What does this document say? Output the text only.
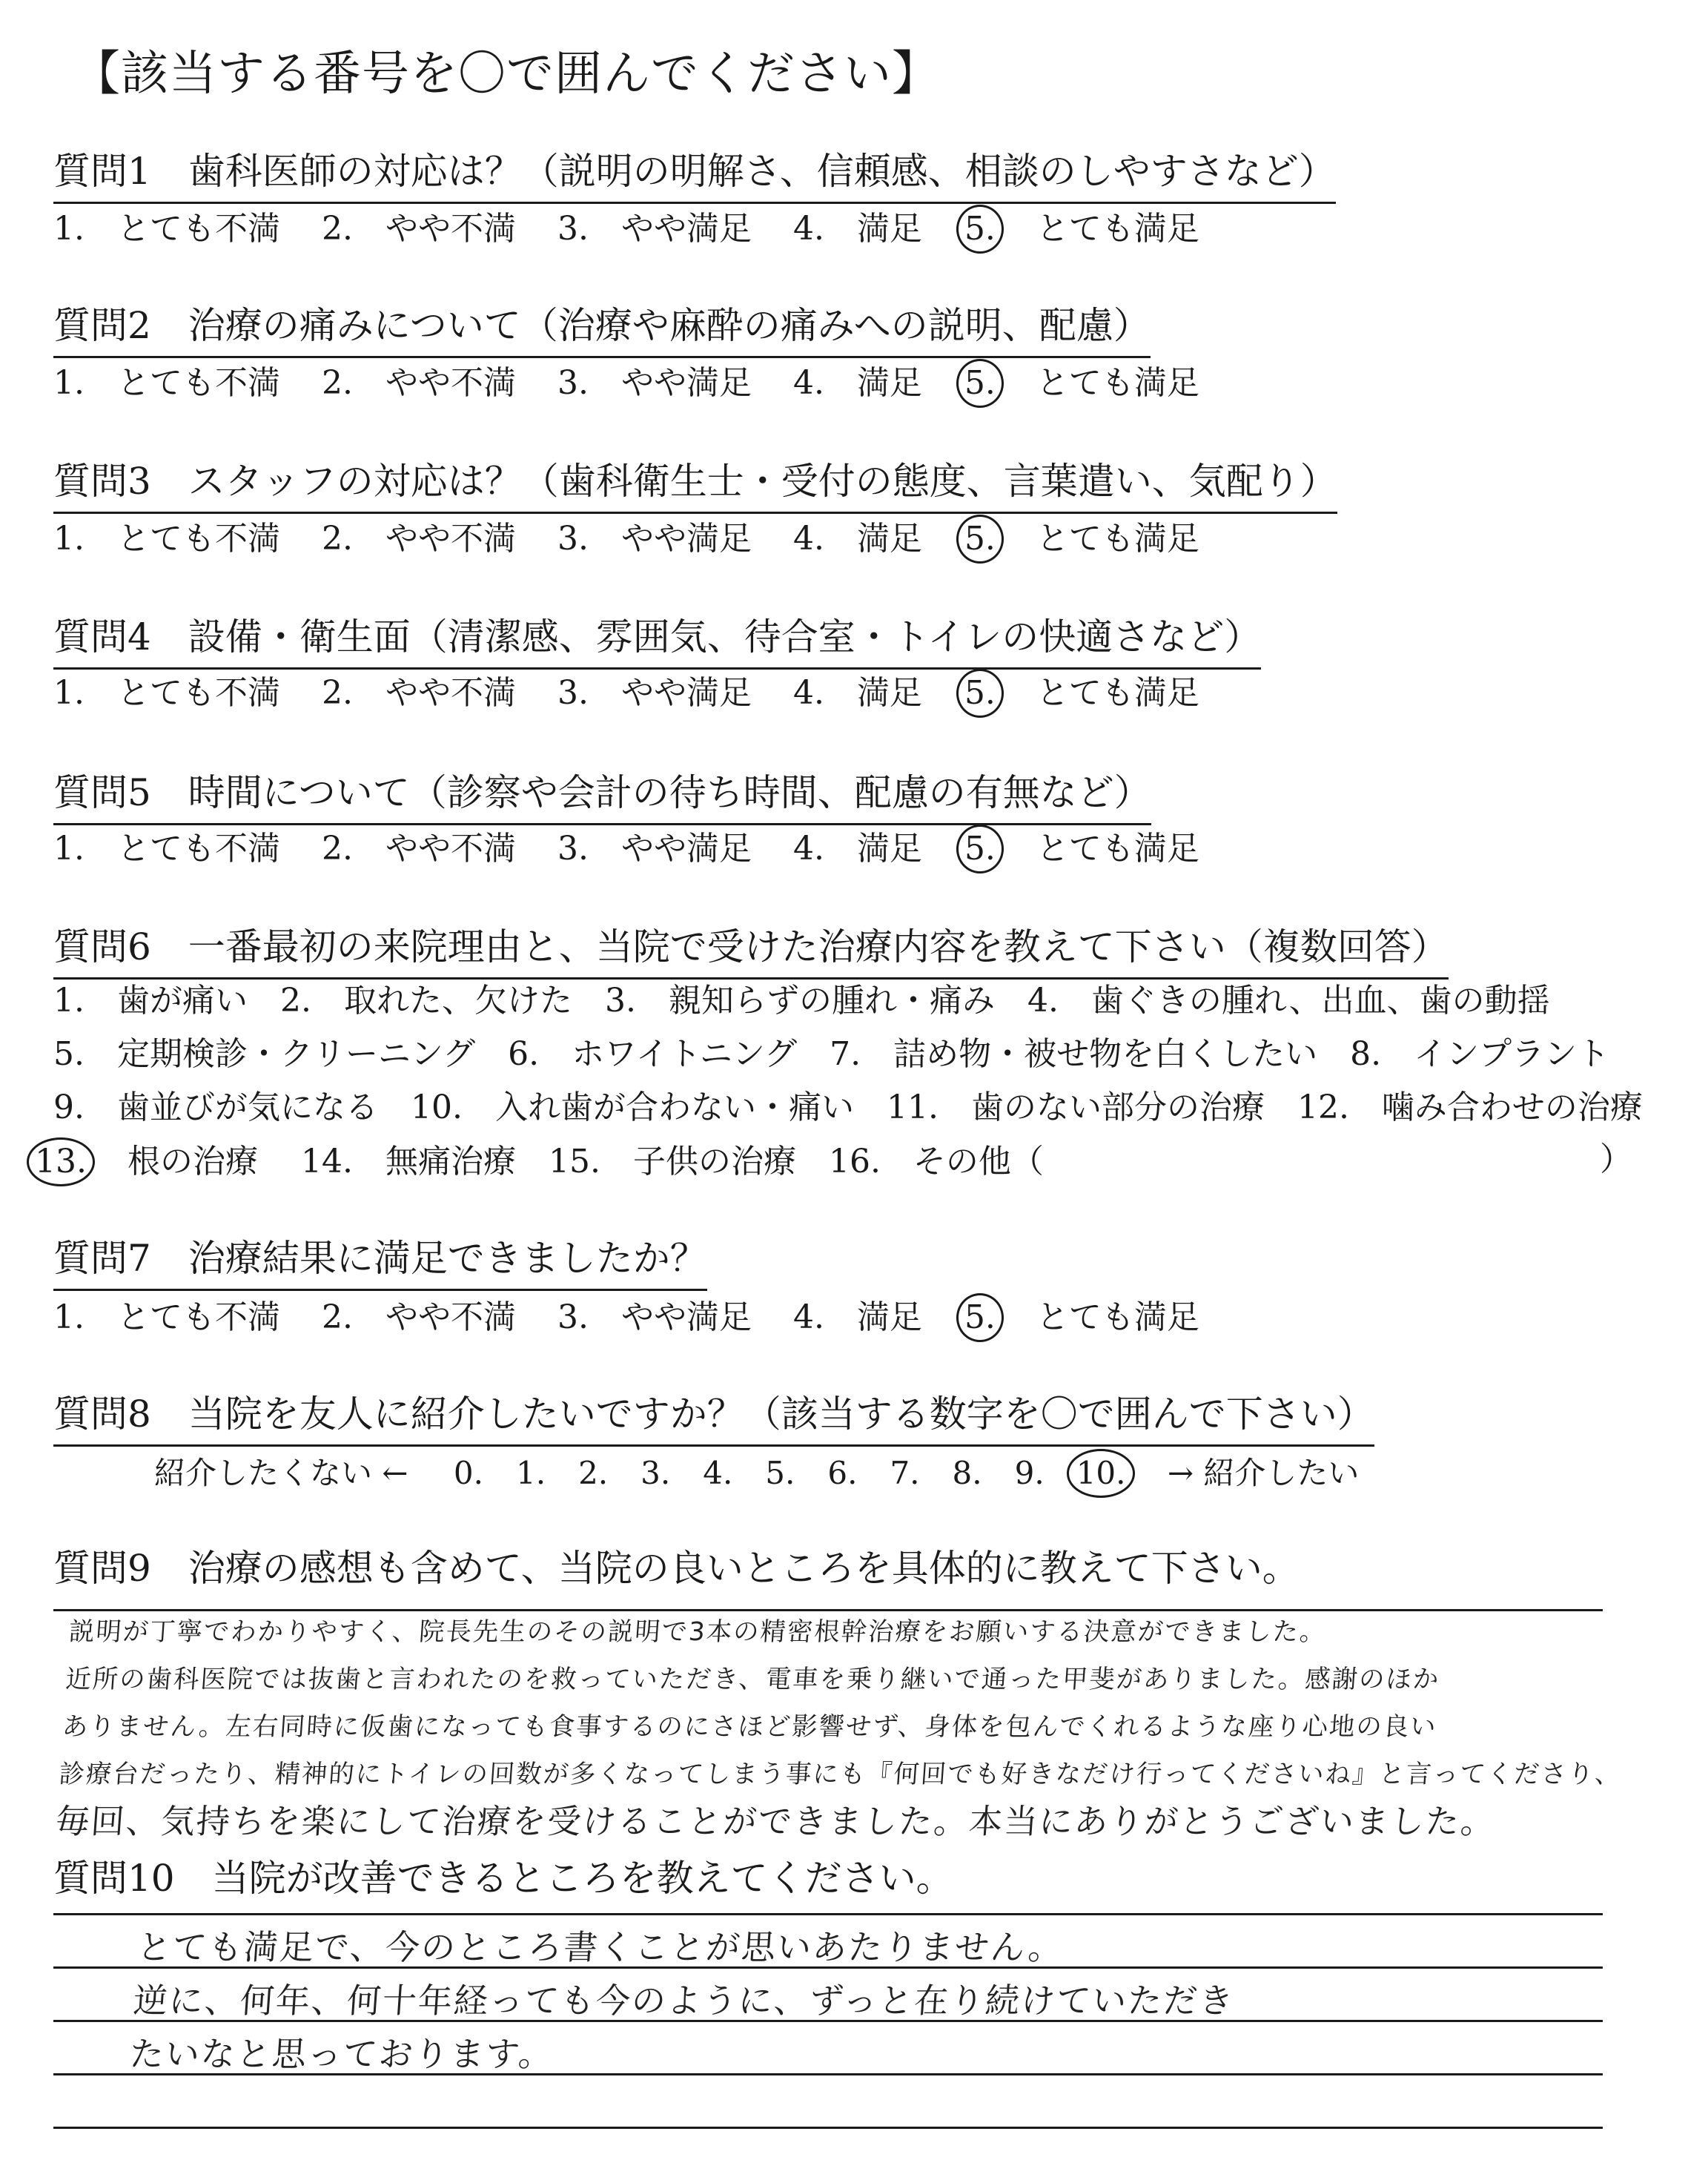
【該当する番号を〇で囲んでください】
質問1　歯科医師の対応は？（説明の明解さ、信頼感、相談のしやすさなど）
1.　 とても不満 2.　 やや不満 3.　 やや満足 4.　 満足 5.　 とても満足
質問2　治療の痛みについて（治療や麻酔の痛みへの説明、配慮）
1.　 とても不満 2.　 やや不満 3.　 やや満足 4.　 満足 5.　 とても満足
質問3　スタッフの対応は？（歯科衛生士・受付の態度、言葉遣い、気配り）
1.　 とても不満 2.　 やや不満 3.　 やや満足 4.　 満足 5.　 とても満足
質問4　設備・衛生面（清潔感、雰囲気、待合室・トイレの快適さなど）
1.　 とても不満 2.　 やや不満 3.　 やや満足 4.　 満足 5.　 とても満足
質問5　時間について（診察や会計の待ち時間、配慮の有無など）
1.　 とても不満 2.　 やや不満 3.　 やや満足 4.　 満足 5.　 とても満足
質問6　一番最初の来院理由と、当院で受けた治療内容を教えて下さい（複数回答）
1.　歯が痛い 2.　取れた、欠けた 3.　親知らずの腫れ・痛み 4.　歯ぐきの腫れ、出血、歯の動揺
5.　定期検診・クリーニング 6.　ホワイトニング 7.　詰め物・被せ物を白くしたい 8.　インプラント
9.　歯並びが気になる 10.　入れ歯が合わない・痛い 11.　歯のない部分の治療 12.　噛み合わせの治療
13.　 根の治療 14.　無痛治療 15.　子供の治療 16.　その他（	）
質問7　治療結果に満足できましたか？
1.　 とても不満 2.　 やや不満 3.　 やや満足 4.　 満足 5.　 とても満足
質問8　当院を友人に紹介したいですか？（該当する数字を〇で囲んで下さい）
紹介したくない ← 0. 1. 2. 3. 4. 5. 6. 7. 8. 9. 10. → 紹介したい
質問9　治療の感想も含めて、当院の良いところを具体的に教えて下さい。
説明が丁寧でわかりやすく、院長先生のその説明で3本の精密根幹治療をお願いする決意ができました。
近所の歯科医院では抜歯と言われたのを救っていただき、電車を乗り継いで通った甲斐がありました。感謝のほか
ありません。左右同時に仮歯になっても食事するのにさほど影響せず、身体を包んでくれるような座り心地の良い
診療台だったり、精神的にトイレの回数が多くなってしまう事にも『何回でも好きなだけ行ってくださいね』と言ってくださり、
毎回、気持ちを楽にして治療を受けることができました。本当にありがとうございました。
質問10　当院が改善できるところを教えてください。
とても満足で、今のところ書くことが思いあたりません。
逆に、何年、何十年経っても今のように、ずっと在り続けていただき
たいなと思っております。
